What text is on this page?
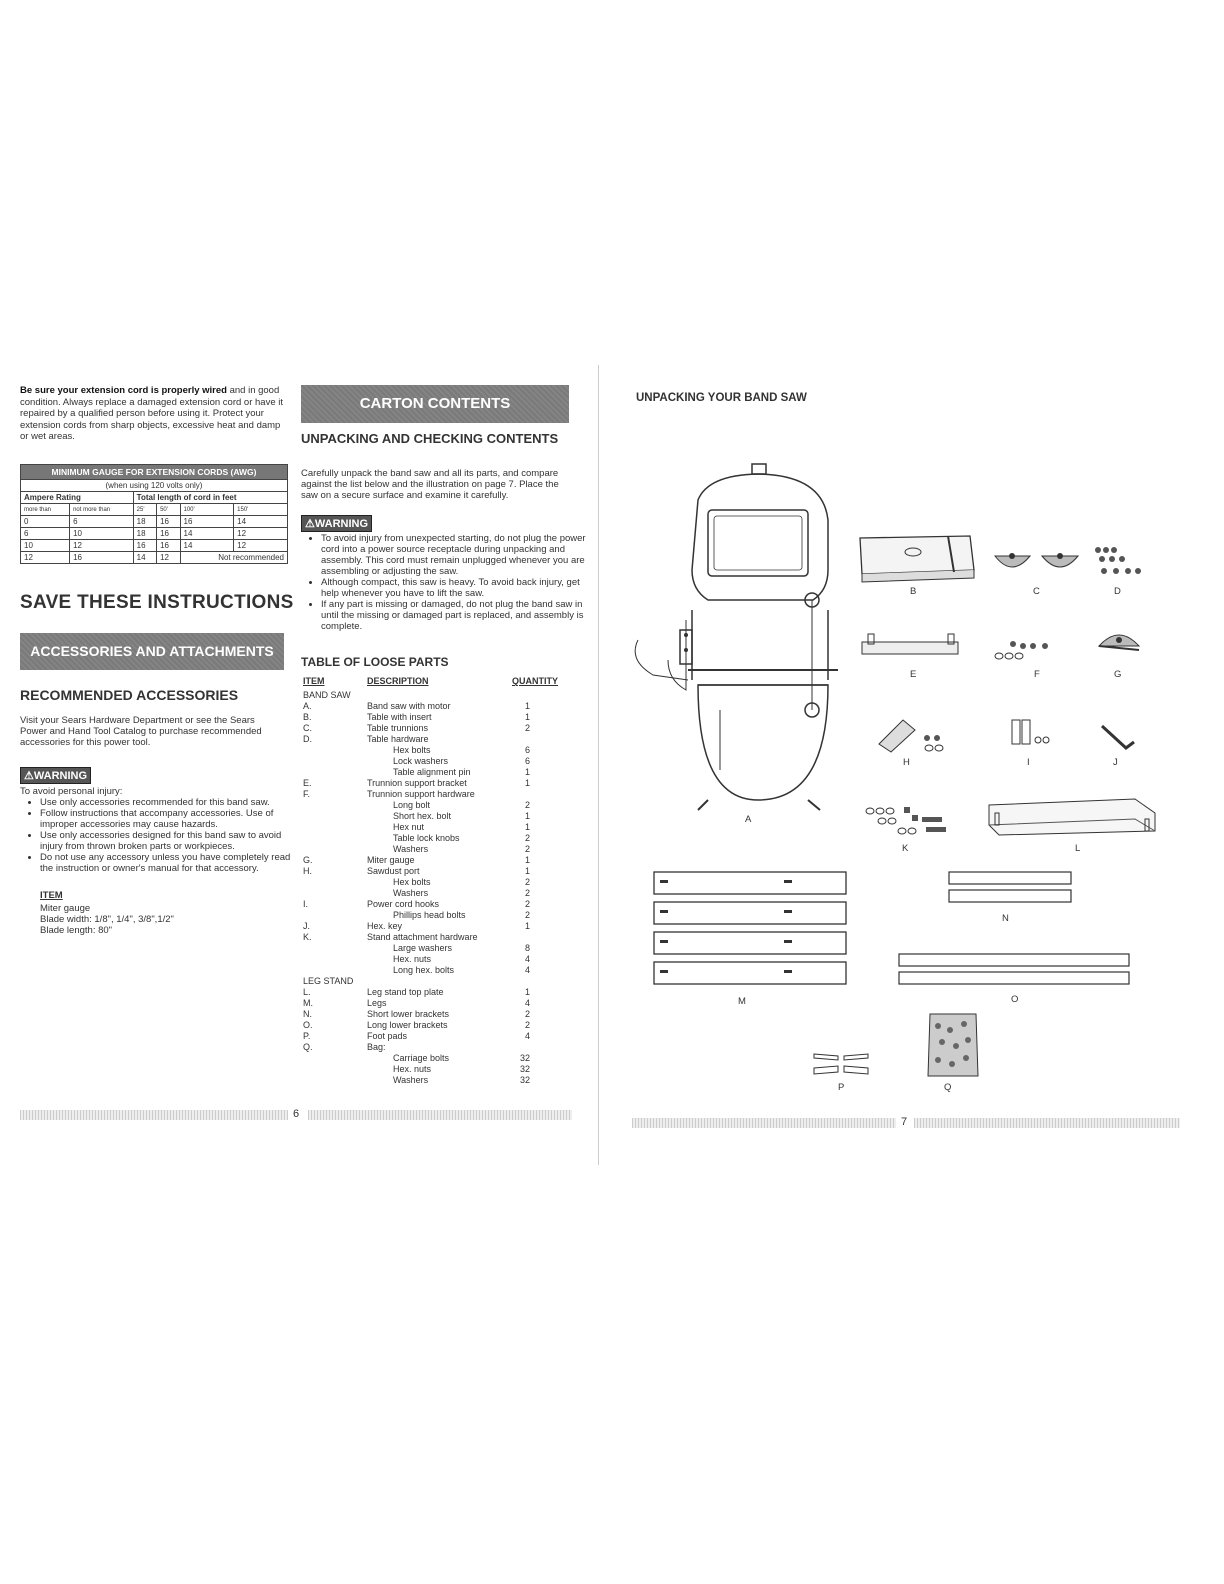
Be sure your extension cord is properly wired and in good condition. Always replace a damaged extension cord or have it repaired by a qualified person before using it. Protect your extension cords from sharp objects, excessive heat and damp or wet areas.
MINIMUM GAUGE FOR EXTENSION CORDS (AWG)					
(when using 120 volts only)					
Ampere Rating		Total length of cord in feet			
more than	not more than	25'	50'	100'	150'
0	6	18	16	16	14
6	10	18	16	14	12
10	12	16	16	14	12
12	16	14	12	Not recommended	
SAVE THESE INSTRUCTIONS
ACCESSORIES AND ATTACHMENTS
RECOMMENDED ACCESSORIES
Visit your Sears Hardware Department or see the Sears Power and Hand Tool Catalog to purchase recommended accessories for this power tool.
⚠WARNING
To avoid personal injury:
• Use only accessories recommended for this band saw.
• Follow instructions that accompany accessories. Use of improper accessories may cause hazards.
• Use only accessories designed for this band saw to avoid injury from thrown broken parts or workpieces.
• Do not use any accessory unless you have completely read the instruction or owner's manual for that accessory.
ITEM
Miter gauge
Blade width: 1/8", 1/4", 3/8",1/2"
Blade length: 80"
CARTON CONTENTS
UNPACKING AND CHECKING CONTENTS
Carefully unpack the band saw and all its parts, and compare against the list below and the illustration on page 7. Place the saw on a secure surface and examine it carefully.
⚠WARNING
• To avoid injury from unexpected starting, do not plug the power cord into a power source receptacle during unpacking and assembly. This cord must remain unplugged whenever you are assembling or adjusting the saw.
• Although compact, this saw is heavy. To avoid back injury, get help whenever you have to lift the saw.
• If any part is missing or damaged, do not plug the band saw in until the missing or damaged part is replaced, and assembly is complete.
TABLE OF LOOSE PARTS
ITEM	DESCRIPTION	QUANTITY
BAND SAW		
A.	Band saw with motor	1
B.	Table with insert	1
C.	Table trunnions	2
D.	Table hardware	
	Hex bolts	6
	Lock washers	6
	Table alignment pin	1
E.	Trunnion support bracket	1
F.	Trunnion support hardware	
	Long bolt	2
	Short hex. bolt	1
	Hex nut	1
	Table lock knobs	2
	Washers	2
G.	Miter gauge	1
H.	Sawdust port	1
	Hex bolts	2
	Washers	2
I.	Power cord hooks	2
	Phillips head bolts	2
J.	Hex. key	1
K.	Stand attachment hardware	
	Large washers	8
	Hex. nuts	4
	Long hex. bolts	4
LEG STAND		
L.	Leg stand top plate	1
M.	Legs	4
N.	Short lower brackets	2
O.	Long lower brackets	2
P.	Foot pads	4
Q.	Bag:	
	Carriage bolts	32
	Hex. nuts	32
	Washers	32
6
UNPACKING YOUR BAND SAW
A
B	C	D
E	F	G
H	I	J
K	L
M
N
O
P	Q
7
